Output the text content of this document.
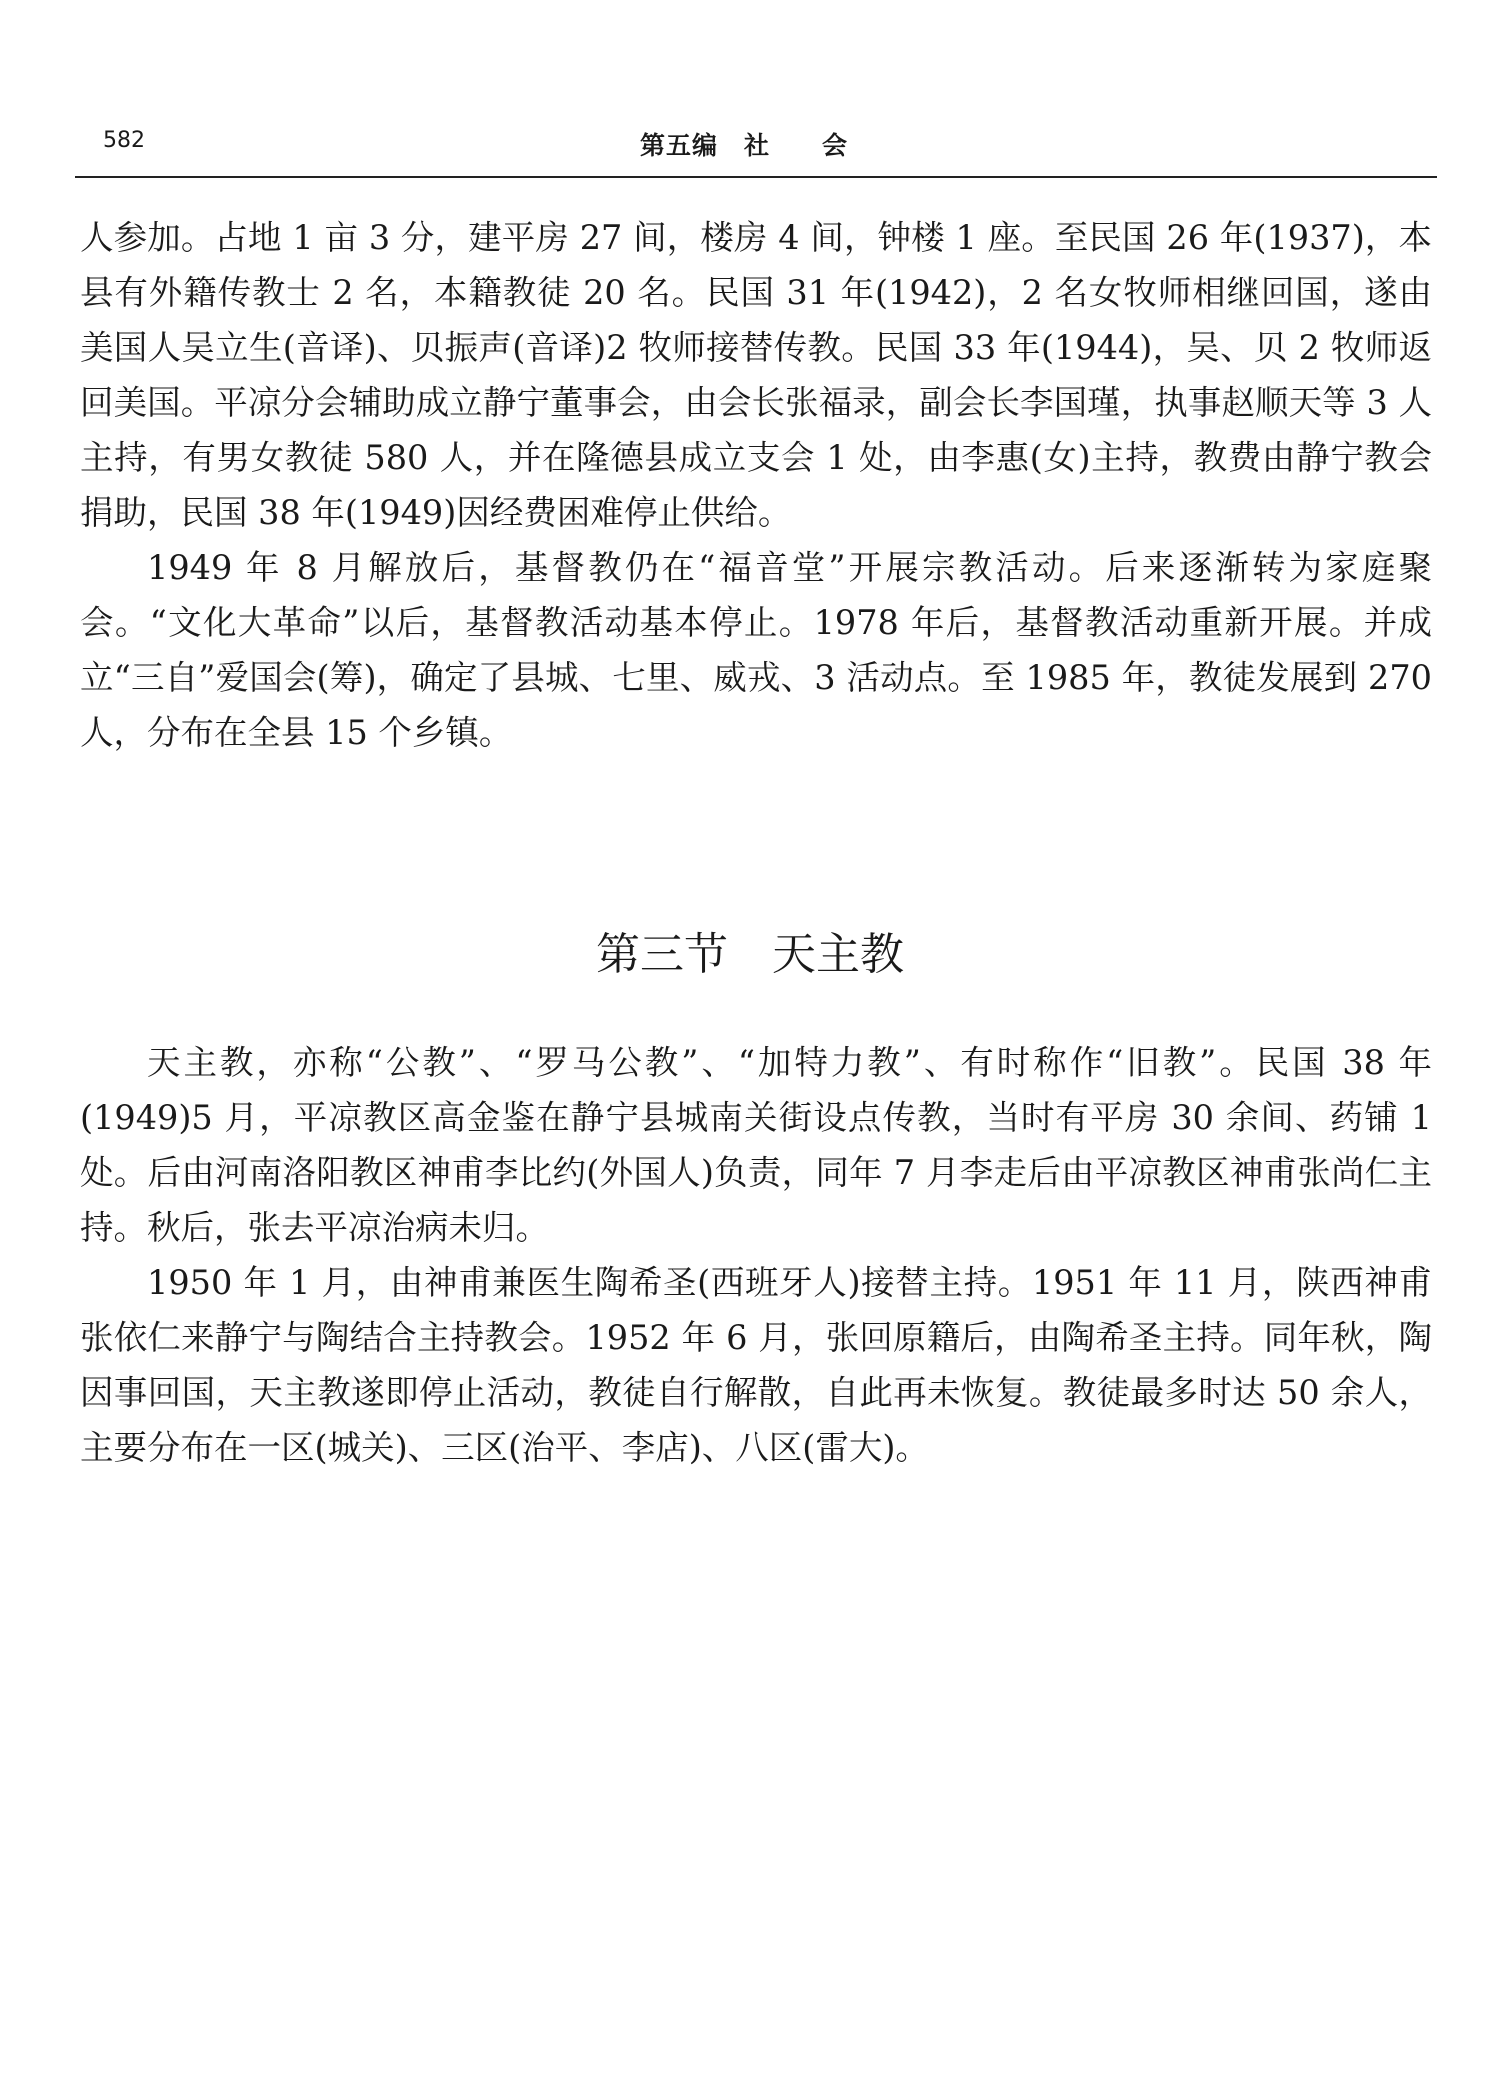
582	第五编　社　　会

人参加。占地 1 亩 3 分，建平房 27 间，楼房 4 间，钟楼 1 座。至民国 26 年(1937)，本县有外籍传教士 2 名，本籍教徒 20 名。民国 31 年(1942)，2 名女牧师相继回国，遂由美国人吴立生(音译)、贝振声(音译)2 牧师接替传教。民国 33 年(1944)，吴、贝 2 牧师返回美国。平凉分会辅助成立静宁董事会，由会长张福录，副会长李国瑾，执事赵顺天等 3 人主持，有男女教徒 580 人，并在隆德县成立支会 1 处，由李惠(女)主持，教费由静宁教会捐助，民国 38 年(1949)因经费困难停止供给。

1949 年 8 月解放后，基督教仍在“福音堂”开展宗教活动。后来逐渐转为家庭聚会。“文化大革命”以后，基督教活动基本停止。1978 年后，基督教活动重新开展。并成立“三自”爱国会(筹)，确定了县城、七里、威戎、3 活动点。至 1985 年，教徒发展到 270 人，分布在全县 15 个乡镇。

第三节　天主教

天主教，亦称“公教”、“罗马公教”、“加特力教”、有时称作“旧教”。民国 38 年(1949)5 月，平凉教区高金鉴在静宁县城南关街设点传教，当时有平房 30 余间、药铺 1 处。后由河南洛阳教区神甫李比约(外国人)负责，同年 7 月李走后由平凉教区神甫张尚仁主持。秋后，张去平凉治病未归。

1950 年 1 月，由神甫兼医生陶希圣(西班牙人)接替主持。1951 年 11 月，陕西神甫张依仁来静宁与陶结合主持教会。1952 年 6 月，张回原籍后，由陶希圣主持。同年秋，陶因事回国，天主教遂即停止活动，教徒自行解散，自此再未恢复。教徒最多时达 50 余人，主要分布在一区(城关)、三区(治平、李店)、八区(雷大)。
